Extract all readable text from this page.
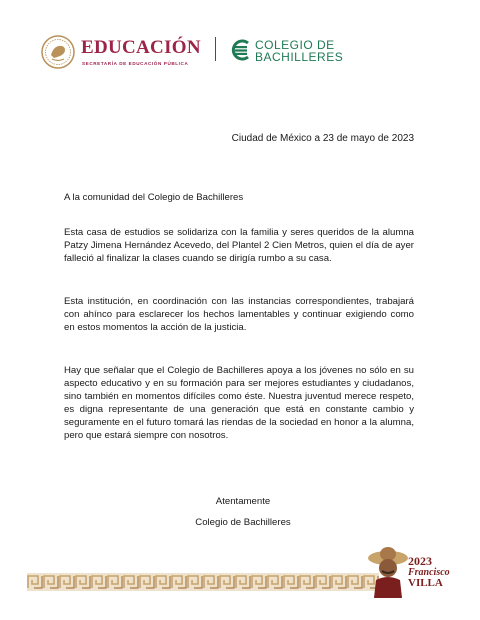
EDUCACIÓN
SECRETARÍA DE EDUCACIÓN PÚBLICA
COLEGIO DE
BACHILLERES
Ciudad de México a 23 de mayo de 2023
A la comunidad del Colegio de Bachilleres

Esta casa de estudios se solidariza con la familia y seres queridos de la alumna Patzy Jimena Hernández Acevedo, del Plantel 2 Cien Metros, quien el día de ayer falleció al finalizar la clases cuando se dirigía rumbo a su casa.

Esta institución, en coordinación con las instancias correspondientes, trabajará con ahínco para esclarecer los hechos lamentables y continuar exigiendo como en estos momentos la acción de la justicia.

Hay que señalar que el Colegio de Bachilleres apoya a los jóvenes no sólo en su aspecto educativo y en su formación para ser mejores estudiantes y ciudadanos, sino también en momentos difíciles como éste. Nuestra juventud merece respeto, es digna representante de una generación que está en constante cambio y seguramente en el futuro tomará las riendas de la sociedad en honor a la alumna, pero que estará siempre con nosotros.

Atentamente
Colegio de Bachilleres
2023
Francisco
VILLA
